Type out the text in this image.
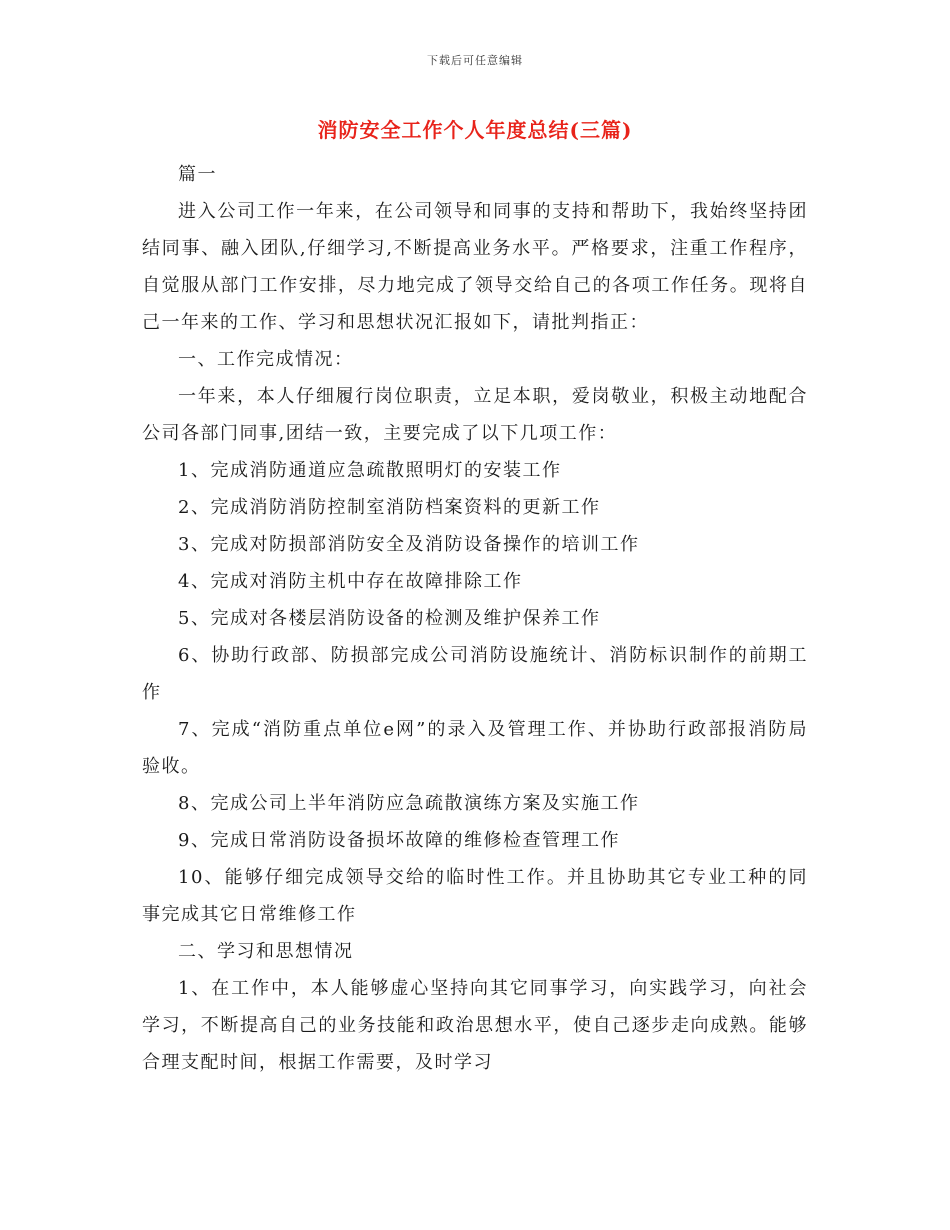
下载后可任意编辑
消防安全工作个人年度总结(三篇)

篇一

进入公司工作一年来，在公司领导和同事的支持和帮助下，我始终坚持团结同事、融入团队,仔细学习,不断提高业务水平。严格要求，注重工作程序，自觉服从部门工作安排，尽力地完成了领导交给自己的各项工作任务。现将自己一年来的工作、学习和思想状况汇报如下，请批判指正：

一、工作完成情况：

一年来，本人仔细履行岗位职责，立足本职，爱岗敬业，积极主动地配合公司各部门同事,团结一致，主要完成了以下几项工作：

1、完成消防通道应急疏散照明灯的安装工作

2、完成消防消防控制室消防档案资料的更新工作

3、完成对防损部消防安全及消防设备操作的培训工作

4、完成对消防主机中存在故障排除工作

5、完成对各楼层消防设备的检测及维护保养工作

6、协助行政部、防损部完成公司消防设施统计、消防标识制作的前期工作

7、完成“消防重点单位e网”的录入及管理工作、并协助行政部报消防局验收。

8、完成公司上半年消防应急疏散演练方案及实施工作

9、完成日常消防设备损坏故障的维修检查管理工作

10、能够仔细完成领导交给的临时性工作。并且协助其它专业工种的同事完成其它日常维修工作

二、学习和思想情况

1、在工作中，本人能够虚心坚持向其它同事学习，向实践学习，向社会学习，不断提高自己的业务技能和政治思想水平，使自己逐步走向成熟。能够合理支配时间，根据工作需要，及时学习
